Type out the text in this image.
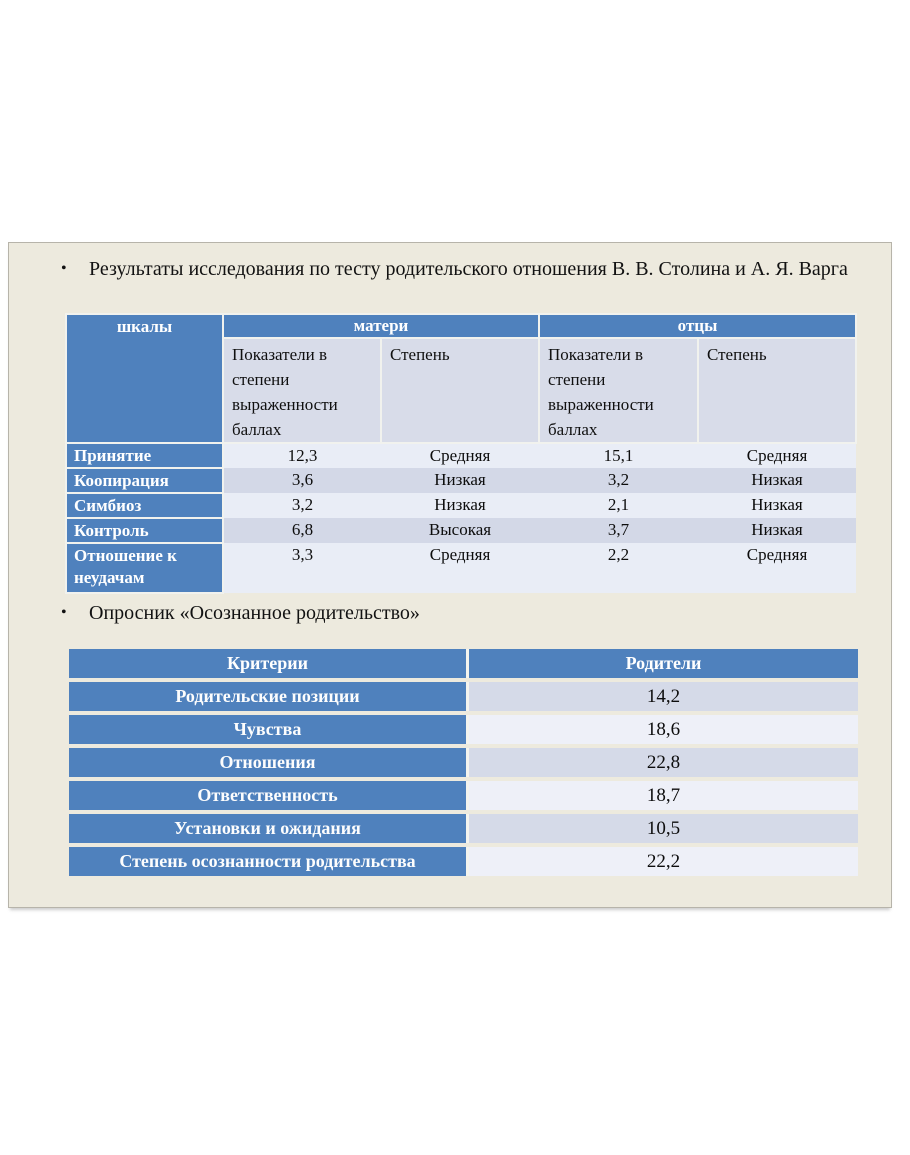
•	Результаты исследования по тесту родительского отношения В. В. Столина и А. Я. Варга
шкалы	матери		отцы	
	Показатели в степени выраженности баллах	Степень	Показатели в степени выраженности баллах	Степень
Принятие	12,3	Средняя	15,1	Средняя
Коопирация	3,6	Низкая	3,2	Низкая
Симбиоз	3,2	Низкая	2,1	Низкая
Контроль	6,8	Высокая	3,7	Низкая
Отношение к неудачам	3,3	Средняя	2,2	Средняя
•	Опросник «Осознанное родительство»
Критерии	Родители
Родительские позиции	14,2
Чувства	18,6
Отношения	22,8
Ответственность	18,7
Установки и ожидания	10,5
Степень осознанности родительства	22,2
